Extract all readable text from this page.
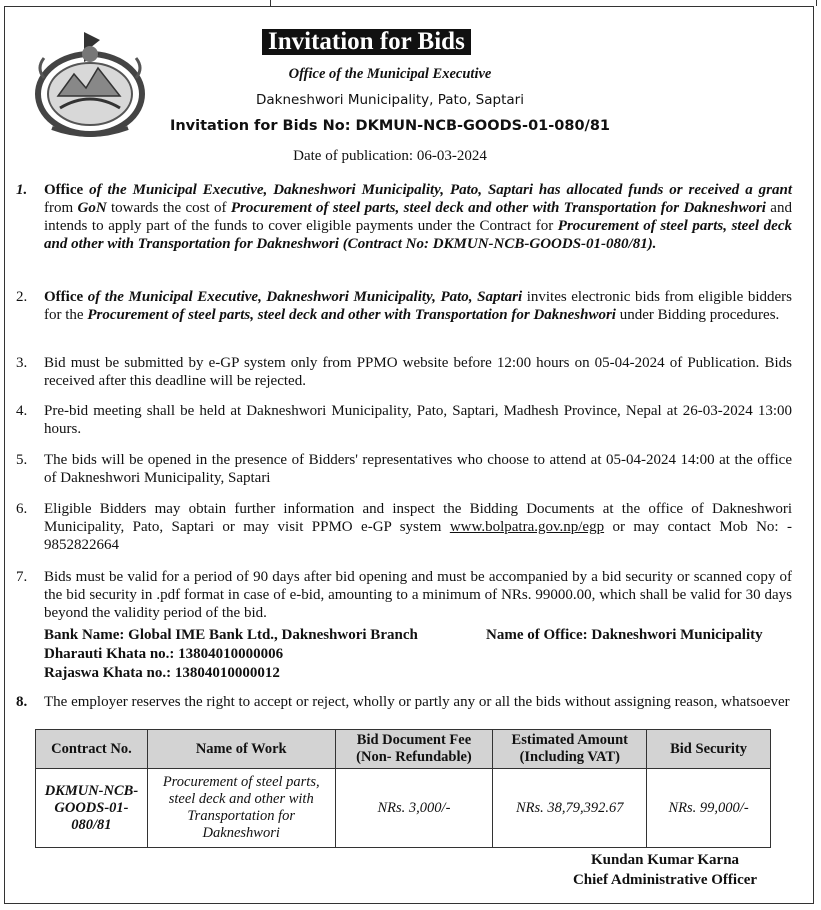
Invitation for Bids
Office of the Municipal Executive
Dakneshwori Municipality, Pato, Saptari
Invitation for Bids No: DKMUN-NCB-GOODS-01-080/81
Date of publication: 06-03-2024
1.	Office of the Municipal Executive, Dakneshwori Municipality, Pato, Saptari has allocated funds or received a grant from GoN towards the cost of Procurement of steel parts, steel deck and other with Transportation for Dakneshwori and intends to apply part of the funds to cover eligible payments under the Contract for Procurement of steel parts, steel deck and other with Transportation for Dakneshwori (Contract No: DKMUN-NCB-GOODS-01-080/81).
2.	Office of the Municipal Executive, Dakneshwori Municipality, Pato, Saptari invites electronic bids from eligible bidders for the Procurement of steel parts, steel deck and other with Transportation for Dakneshwori under Bidding procedures.
3.	Bid must be submitted by e-GP system only from PPMO website before 12:00 hours on 05-04-2024 of Publication. Bids received after this deadline will be rejected.
4.	Pre-bid meeting shall be held at Dakneshwori Municipality, Pato, Saptari, Madhesh Province, Nepal at 26-03-2024 13:00 hours.
5.	The bids will be opened in the presence of Bidders' representatives who choose to attend at 05-04-2024 14:00 at the office of Dakneshwori Municipality, Saptari
6.	Eligible Bidders may obtain further information and inspect the Bidding Documents at the office of Dakneshwori Municipality, Pato, Saptari or may visit PPMO e-GP system www.bolpatra.gov.np/egp or may contact Mob No: - 9852822664
7.	Bids must be valid for a period of 90 days after bid opening and must be accompanied by a bid security or scanned copy of the bid security in .pdf format in case of e-bid, amounting to a minimum of NRs. 99000.00, which shall be valid for 30 days beyond the validity period of the bid.
8.	The employer reserves the right to accept or reject, wholly or partly any or all the bids without assigning reason, whatsoever
Bank Name: Global IME Bank Ltd., Dakneshwori Branch	Name of Office: Dakneshwori Municipality
Dharauti Khata no.: 13804010000006
Rajaswa Khata no.: 13804010000012
Contract No.	Name of Work	Bid Document Fee (Non- Refundable)	Estimated Amount (Including VAT)	Bid Security
DKMUN-NCB-GOODS-01-080/81	Procurement of steel parts, steel deck and other with Transportation for Dakneshwori	NRs. 3,000/-	NRs. 38,79,392.67	NRs. 99,000/-
Kundan Kumar Karna
Chief Administrative Officer
